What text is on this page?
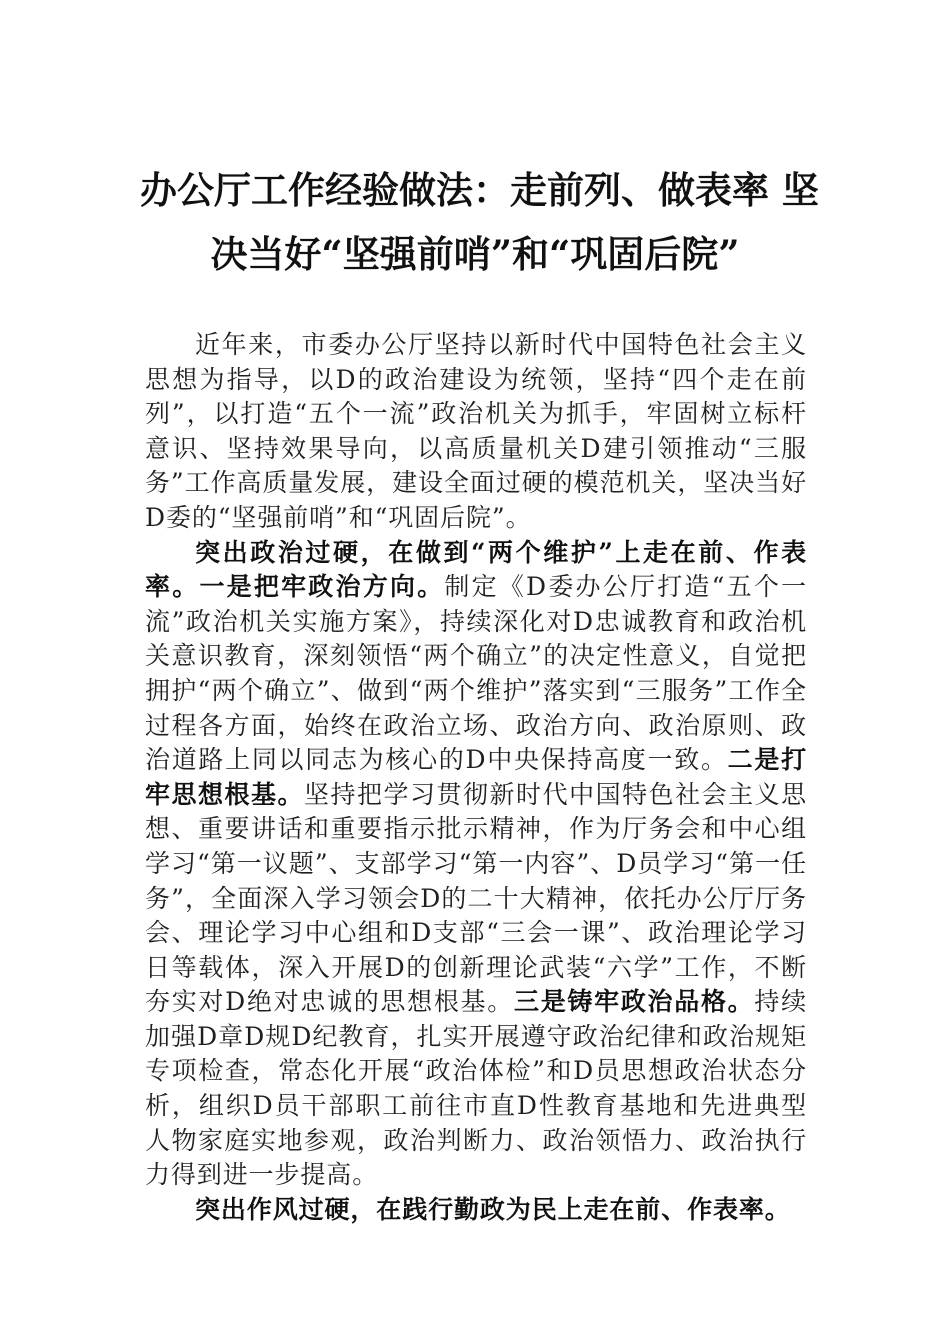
办公厅工作经验做法：走前列、做表率 坚
决当好“坚强前哨”和“巩固后院”

近年来，市委办公厅坚持以新时代中国特色社会主义思想为指导，以D的政治建设为统领，坚持“四个走在前列”，以打造“五个一流”政治机关为抓手，牢固树立标杆意识、坚持效果导向，以高质量机关D建引领推动“三服务”工作高质量发展，建设全面过硬的模范机关，坚决当好D委的“坚强前哨”和“巩固后院”。

突出政治过硬，在做到“两个维护”上走在前、作表率。一是把牢政治方向。制定《D委办公厅打造“五个一流”政治机关实施方案》，持续深化对D忠诚教育和政治机关意识教育，深刻领悟“两个确立”的决定性意义，自觉把拥护“两个确立”、做到“两个维护”落实到“三服务”工作全过程各方面，始终在政治立场、政治方向、政治原则、政治道路上同以同志为核心的D中央保持高度一致。二是打牢思想根基。坚持把学习贯彻新时代中国特色社会主义思想、重要讲话和重要指示批示精神，作为厅务会和中心组学习“第一议题”、支部学习“第一内容”、D员学习“第一任务”，全面深入学习领会D的二十大精神，依托办公厅厅务会、理论学习中心组和D支部“三会一课”、政治理论学习日等载体，深入开展D的创新理论武装“六学”工作，不断夯实对D绝对忠诚的思想根基。三是铸牢政治品格。持续加强D章D规D纪教育，扎实开展遵守政治纪律和政治规矩专项检查，常态化开展“政治体检”和D员思想政治状态分析，组织D员干部职工前往市直D性教育基地和先进典型人物家庭实地参观，政治判断力、政治领悟力、政治执行力得到进一步提高。

突出作风过硬，在践行勤政为民上走在前、作表率。
